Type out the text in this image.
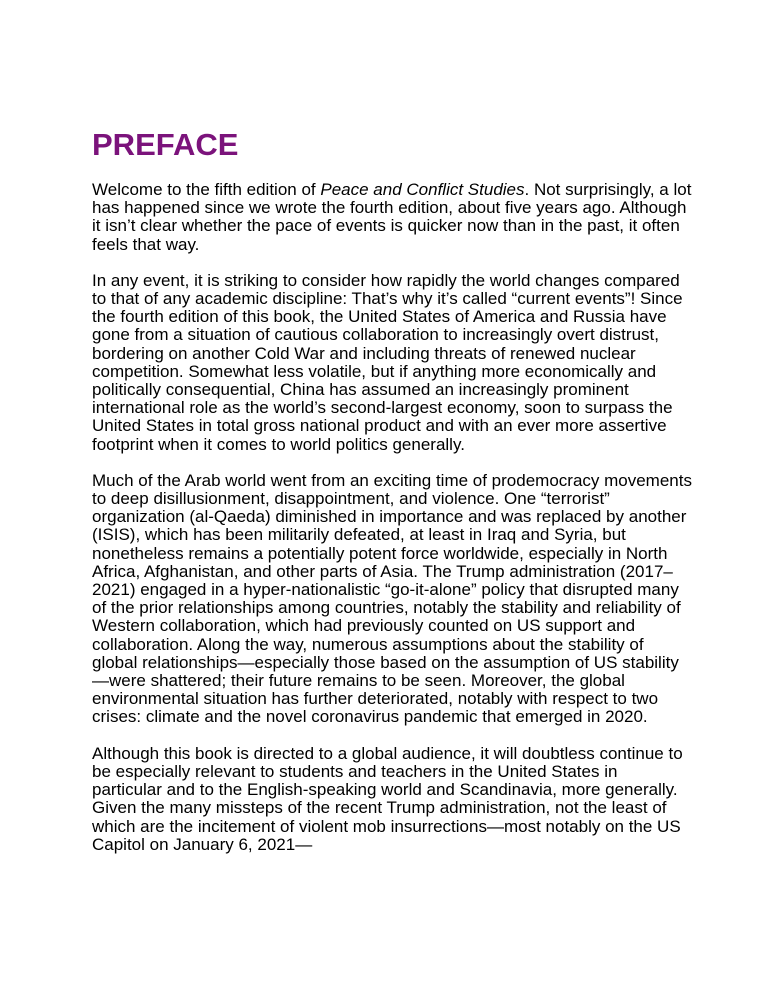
PREFACE

Welcome to the fifth edition of Peace and Conflict Studies. Not surprisingly, a lot has happened since we wrote the fourth edition, about five years ago. Although it isn’t clear whether the pace of events is quicker now than in the past, it often feels that way.

In any event, it is striking to consider how rapidly the world changes compared to that of any academic discipline: That’s why it’s called “current events”! Since the fourth edition of this book, the United States of America and Russia have gone from a situation of cautious collaboration to increasingly overt distrust, bordering on another Cold War and including threats of renewed nuclear competition. Somewhat less volatile, but if anything more economically and politically consequential, China has assumed an increasingly prominent international role as the world’s second-largest economy, soon to surpass the United States in total gross national product and with an ever more assertive footprint when it comes to world politics generally.

Much of the Arab world went from an exciting time of prodemocracy movements to deep disillusionment, disappointment, and violence. One “terrorist” organization (al-Qaeda) diminished in importance and was replaced by another (ISIS), which has been militarily defeated, at least in Iraq and Syria, but nonetheless remains a potentially potent force worldwide, especially in North Africa, Afghanistan, and other parts of Asia. The Trump administration (2017–2021) engaged in a hyper-nationalistic “go-it-alone” policy that disrupted many of the prior relationships among countries, notably the stability and reliability of Western collaboration, which had previously counted on US support and collaboration. Along the way, numerous assumptions about the stability of global relationships—especially those based on the assumption of US stability—were shattered; their future remains to be seen. Moreover, the global environmental situation has further deteriorated, notably with respect to two crises: climate and the novel coronavirus pandemic that emerged in 2020.

Although this book is directed to a global audience, it will doubtless continue to be especially relevant to students and teachers in the United States in particular and to the English-speaking world and Scandinavia, more generally. Given the many missteps of the recent Trump administration, not the least of which are the incitement of violent mob insurrections—most notably on the US Capitol on January 6, 2021—
